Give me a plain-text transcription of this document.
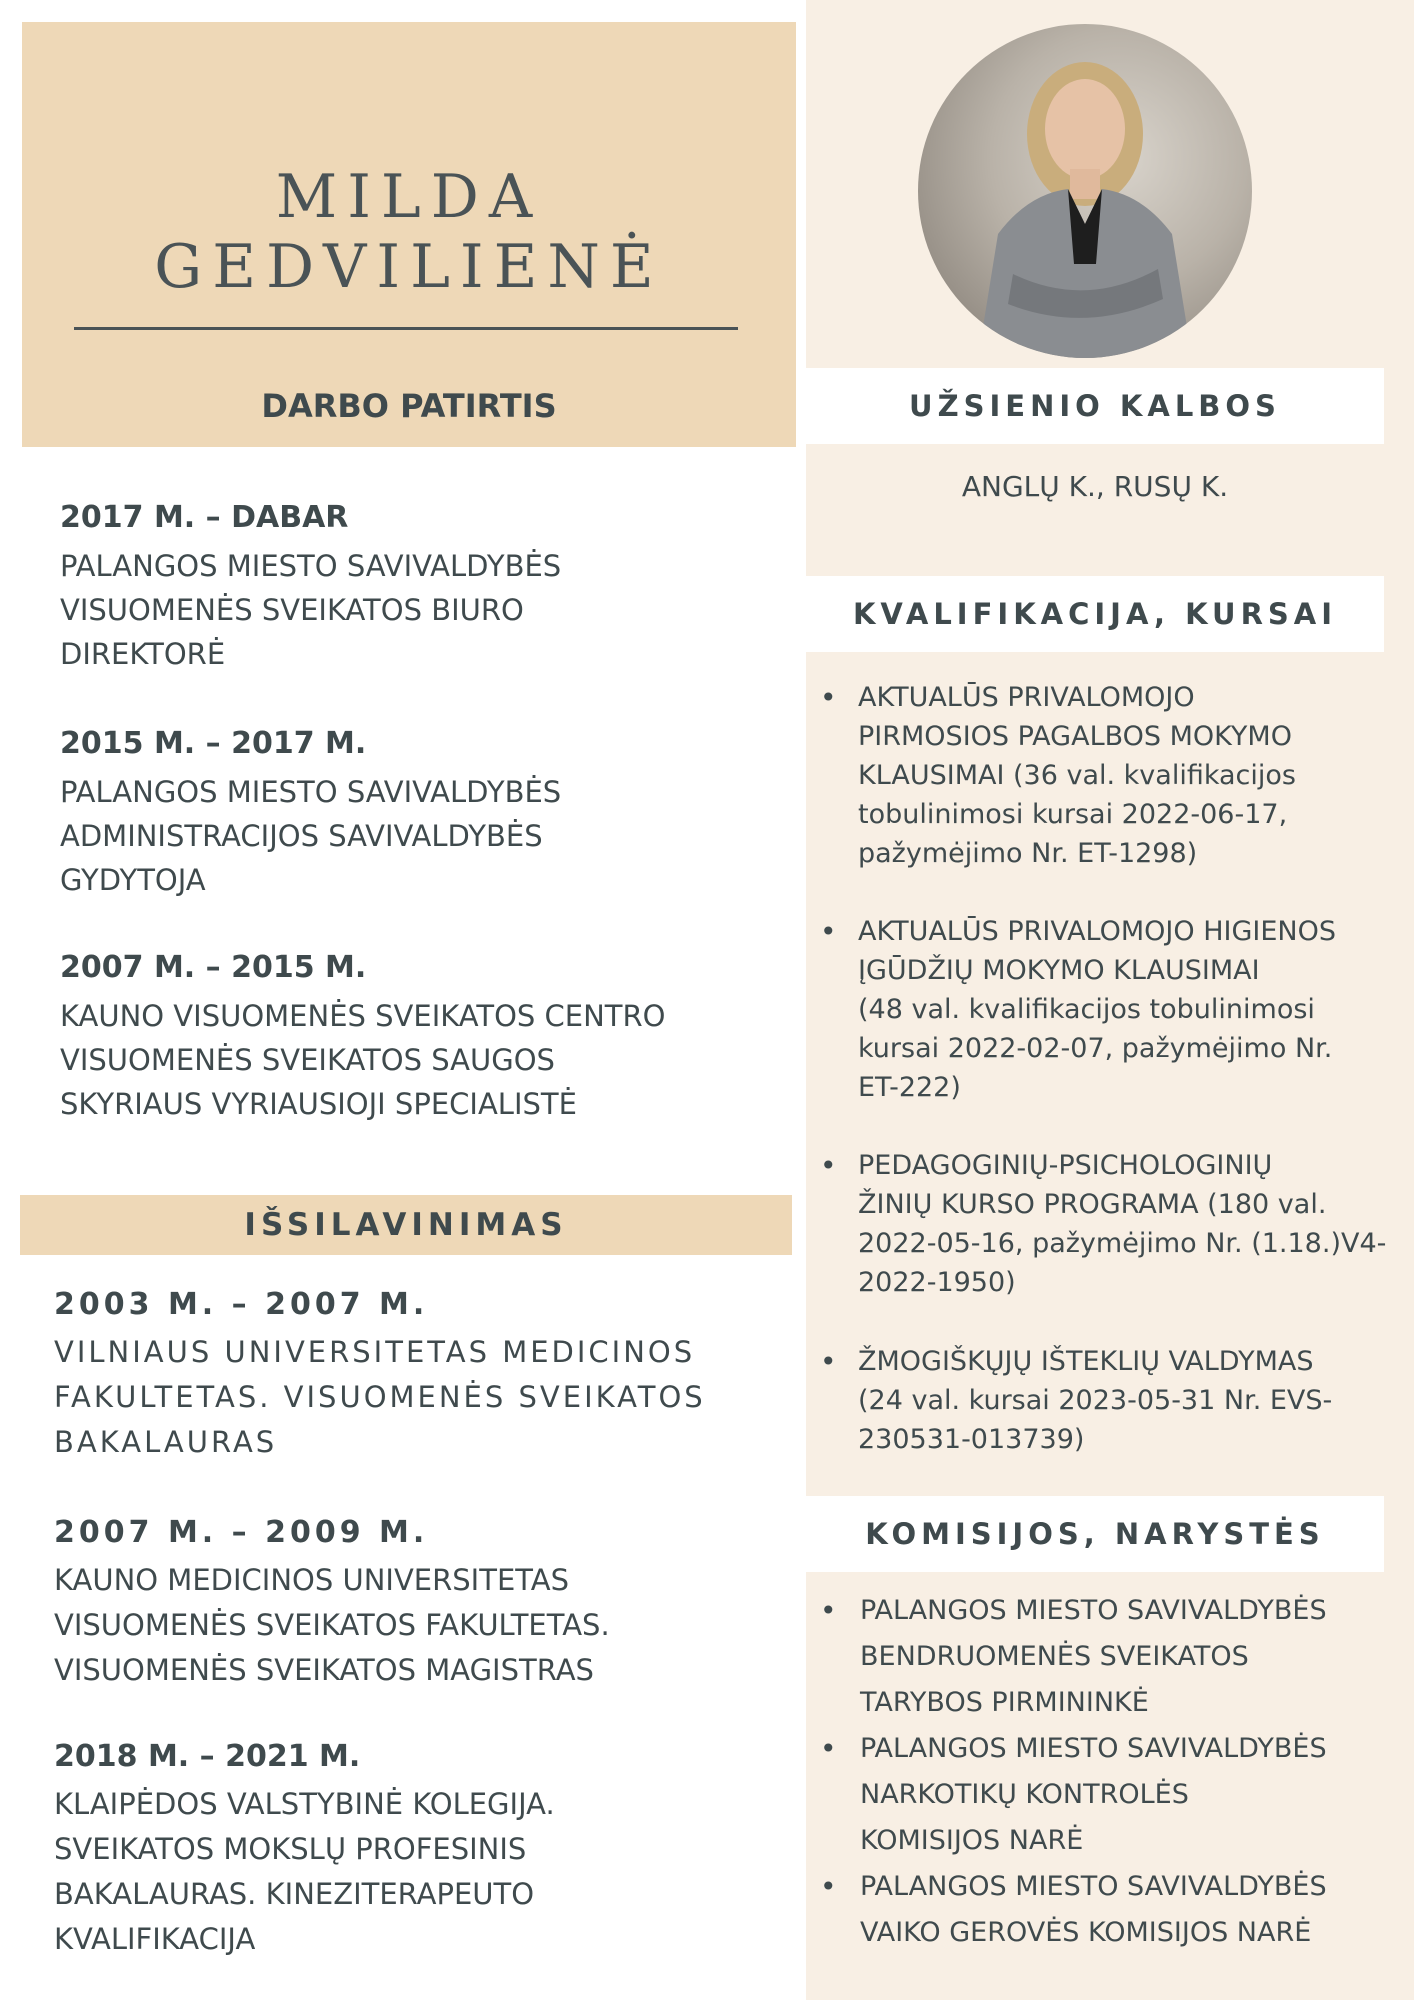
MILDA
GEDVILIENĖ
DARBO PATIRTIS

2017 M. – DABAR

PALANGOS MIESTO SAVIVALDYBĖS

VISUOMENĖS SVEIKATOS BIURO

DIREKTORĖ

2015 M. – 2017 M.

PALANGOS MIESTO SAVIVALDYBĖS

ADMINISTRACIJOS SAVIVALDYBĖS

GYDYTOJA

2007 M. – 2015 M.

KAUNO VISUOMENĖS SVEIKATOS CENTRO

VISUOMENĖS SVEIKATOS SAUGOS

SKYRIAUS VYRIAUSIOJI SPECIALISTĖ

IŠSILAVINIMAS

2003 M. – 2007 M.

VILNIAUS UNIVERSITETAS MEDICINOS

FAKULTETAS. VISUOMENĖS SVEIKATOS

BAKALAURAS

2007 M. – 2009 M.

KAUNO MEDICINOS UNIVERSITETAS

VISUOMENĖS SVEIKATOS FAKULTETAS.

VISUOMENĖS SVEIKATOS MAGISTRAS

2018 M. – 2021 M.

KLAIPĖDOS VALSTYBINĖ KOLEGIJA.

SVEIKATOS MOKSLŲ PROFESINIS

BAKALAURAS. KINEZITERAPEUTO

KVALIFIKACIJA

UŽSIENIO KALBOS

ANGLŲ K., RUSŲ K.

KVALIFIKACIJA, KURSAI
• AKTUALŪS PRIVALOMOJO

PIRMOSIOS PAGALBOS MOKYMO

KLAUSIMAI (36 val. kvalifikacijos

tobulinimosi kursai 2022-06-17,

pažymėjimo Nr. ET-1298)

• AKTUALŪS PRIVALOMOJO HIGIENOS

ĮGŪDŽIŲ MOKYMO KLAUSIMAI

(48 val. kvalifikacijos tobulinimosi

kursai 2022-02-07, pažymėjimo Nr.

ET-222)

• PEDAGOGINIŲ-PSICHOLOGINIŲ

ŽINIŲ KURSO PROGRAMA (180 val.

2022-05-16, pažymėjimo Nr. (1.18.)V4-

2022-1950)

• ŽMOGIŠKŲJŲ IŠTEKLIŲ VALDYMAS

(24 val. kursai 2023-05-31 Nr. EVS-

230531-013739)

KOMISIJOS, NARYSTĖS
• PALANGOS MIESTO SAVIVALDYBĖS

BENDRUOMENĖS SVEIKATOS

TARYBOS PIRMININKĖ

• PALANGOS MIESTO SAVIVALDYBĖS

NARKOTIKŲ KONTROLĖS

KOMISIJOS NARĖ

• PALANGOS MIESTO SAVIVALDYBĖS

VAIKO GEROVĖS KOMISIJOS NARĖ
